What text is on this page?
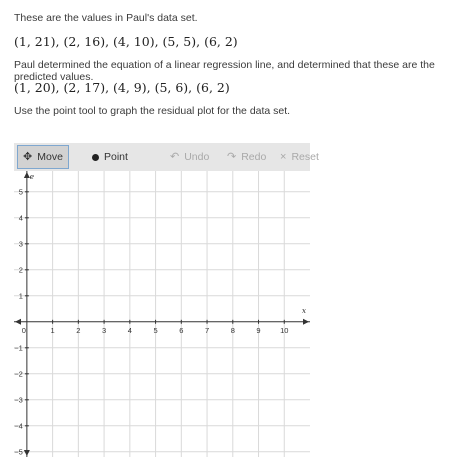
These are the values in Paul's data set.

(1, 21), (2, 16), (4, 10), (5, 5), (6, 2)

Paul determined the equation of a linear regression line, and determined that these are the predicted values.

(1, 20), (2, 17), (4, 9), (5, 6), (6, 2)

Use the point tool to graph the residual plot for the data set.

✥ Move	Point	↶ Undo ↷ Redo × Reset
0	1	2	3	4	5	6	7	8	9	10
5
4
3
2
1
−1
−2
−3
−4
−5
x
e
